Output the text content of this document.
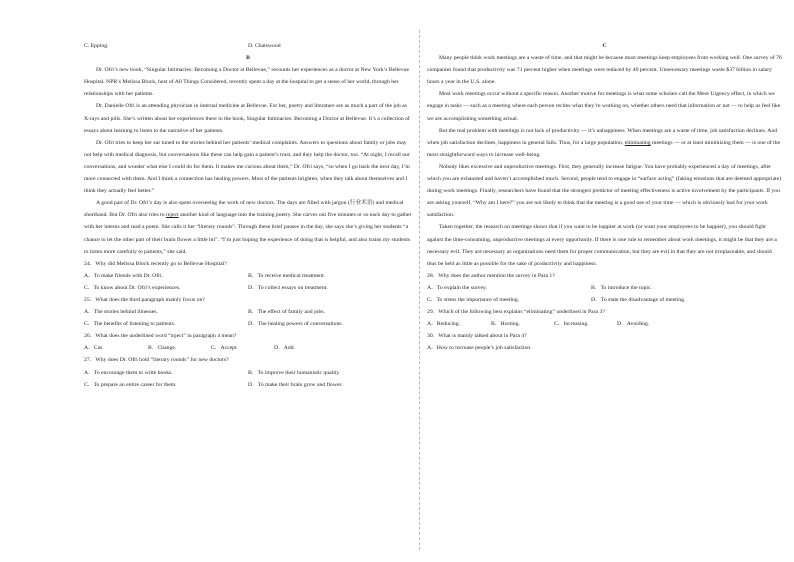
C. Epping.	D. Chatswood

B

Dr. Ofri’s new book, “Singular Intimacies: Becoming a Doctor at Bellevue,” recounts her experiences as a doctor at New York’s Bellevue Hospital. NPR’s Melissa Block, host of All Things Considered, recently spent a day at the hospital to get a sense of her world, through her relationships with her patients.

Dr. Danielle Ofri is an attending physician in internal medicine at Bellevue. For her, poetry and literature are as much a part of the job as X-rays and pills. She’s written about her experiences there in the book, Singular Intimacies: Becoming a Doctor at Bellevue. It’s a collection of essays about learning to listen to the narrative of her patients.

Dr. Ofri tries to keep her ear tuned to the stories behind her patients’ medical complaints. Answers to questions about family or jobs may not help with medical diagnosis, but conversations like these can help gain a patient’s trust, and they help the doctor, too. “At night, I recall our conversations, and wonder what else I could do for them. It makes me curious about them,” Dr. Ofri says, “so when I go back the next day, I’m more connected with them. And I think a connection has healing powers. Most of the patients brighten, when they talk about themselves and I think they actually feel better.”

A good part of Dr. Ofri’s day is also spent overseeing the work of new doctors. The days are filled with jargon (行业术语) and medical shorthand. But Dr. Ofri also tries to inject another kind of language into the training poetry. She carves out five minutes or so each day to gather with her interns and read a poem. She calls it her “literary rounds”. Through these brief pauses in the day, she says she’s giving her students “a chance to let the other part of their brain flower a little bit”. “I’m just hoping the experience of doing that is helpful, and also trains my students to listen more carefully to patients,” she said.

24．Why did Melissa Block recently go to Bellevue Hospital?

A．To make friends with Dr. Ofri.	B．To receive medical treatment.
C．To know about Dr. Ofri’s experiences.	D．To collect essays on treatment.

25．What does the third paragraph mainly focus on?

A．The stories behind illnesses.	B．The effect of family and jobs.
C．The benefits of listening to patients.	D．The healing powers of conversations.

26．What does the underlined word “inject” in paragraph 4 mean?

A．Cut.	B．Change.	C．Accept.	D．Add.

27．Why does Dr. Ofri hold “literary rounds” for new doctors?

A．To encourage them to write books.	B．To improve their humanistic quality.
C．To prepare an entire career for them.	D．To make their brain grow and flower.

C

Many people think work meetings are a waste of time, and that might be because most meetings keep employees from working well. One survey of 76 companies found that productivity was 71 percent higher when meetings were reduced by 40 percent. Unnecessary meetings waste $37 billion in salary hours a year in the U.S. alone.

Most work meetings occur without a specific reason. Another motive for meetings is what some scholars call the Mere Urgency effect, in which we engage in tasks — such as a meeting where each person recites what they’re working on, whether others need that information or not — to help us feel like we are accomplishing something actual.

But the real problem with meetings is not lack of productivity — it’s unhappiness. When meetings are a waste of time, job satisfaction declines. And when job satisfaction declines, happiness in general falls. Thus, for a large population, eliminating meetings — or at least minimizing them — is one of the most straightforward ways to increase well-being.

Nobody likes excessive and unproductive meetings. First, they generally increase fatigue. You have probably experienced a day of meetings, after which you are exhausted and haven’t accomplished much. Second, people tend to engage in “surface acting” (faking emotions that are deemed appropriate) during work meetings. Finally, researchers have found that the strongest predictor of meeting effectiveness is active involvement by the participants. If you are asking yourself, “Why am I here?” you are not likely to think that the meeting is a good use of your time — which is obviously bad for your work satisfaction.

Taken together, the research on meetings shows that if you want to be happier at work (or want your employees to be happier), you should fight against the time-consuming, unproductive meetings at every opportunity. If there is one rule to remember about work meetings, it might be that they are a necessary evil. They are necessary as organizations need them for proper communication, but they are evil in that they are not irreplaceable, and should thus be held as little as possible for the sake of productivity and happiness.

28．Why does the author mention the survey in Para 1?

A．To explain the survey.	B．To introduce the topic.
C．To stress the importance of meeting.	D．To state the disadvantage of meeting.

29．Which of the following best explains “eliminating” underlined in Para 3?

A．Reducing.	B．Hosting.	C．Increasing.	D．Avoiding.

30．What is mainly talked about in Para 4?

A．How to increase people’s job satisfaction.
